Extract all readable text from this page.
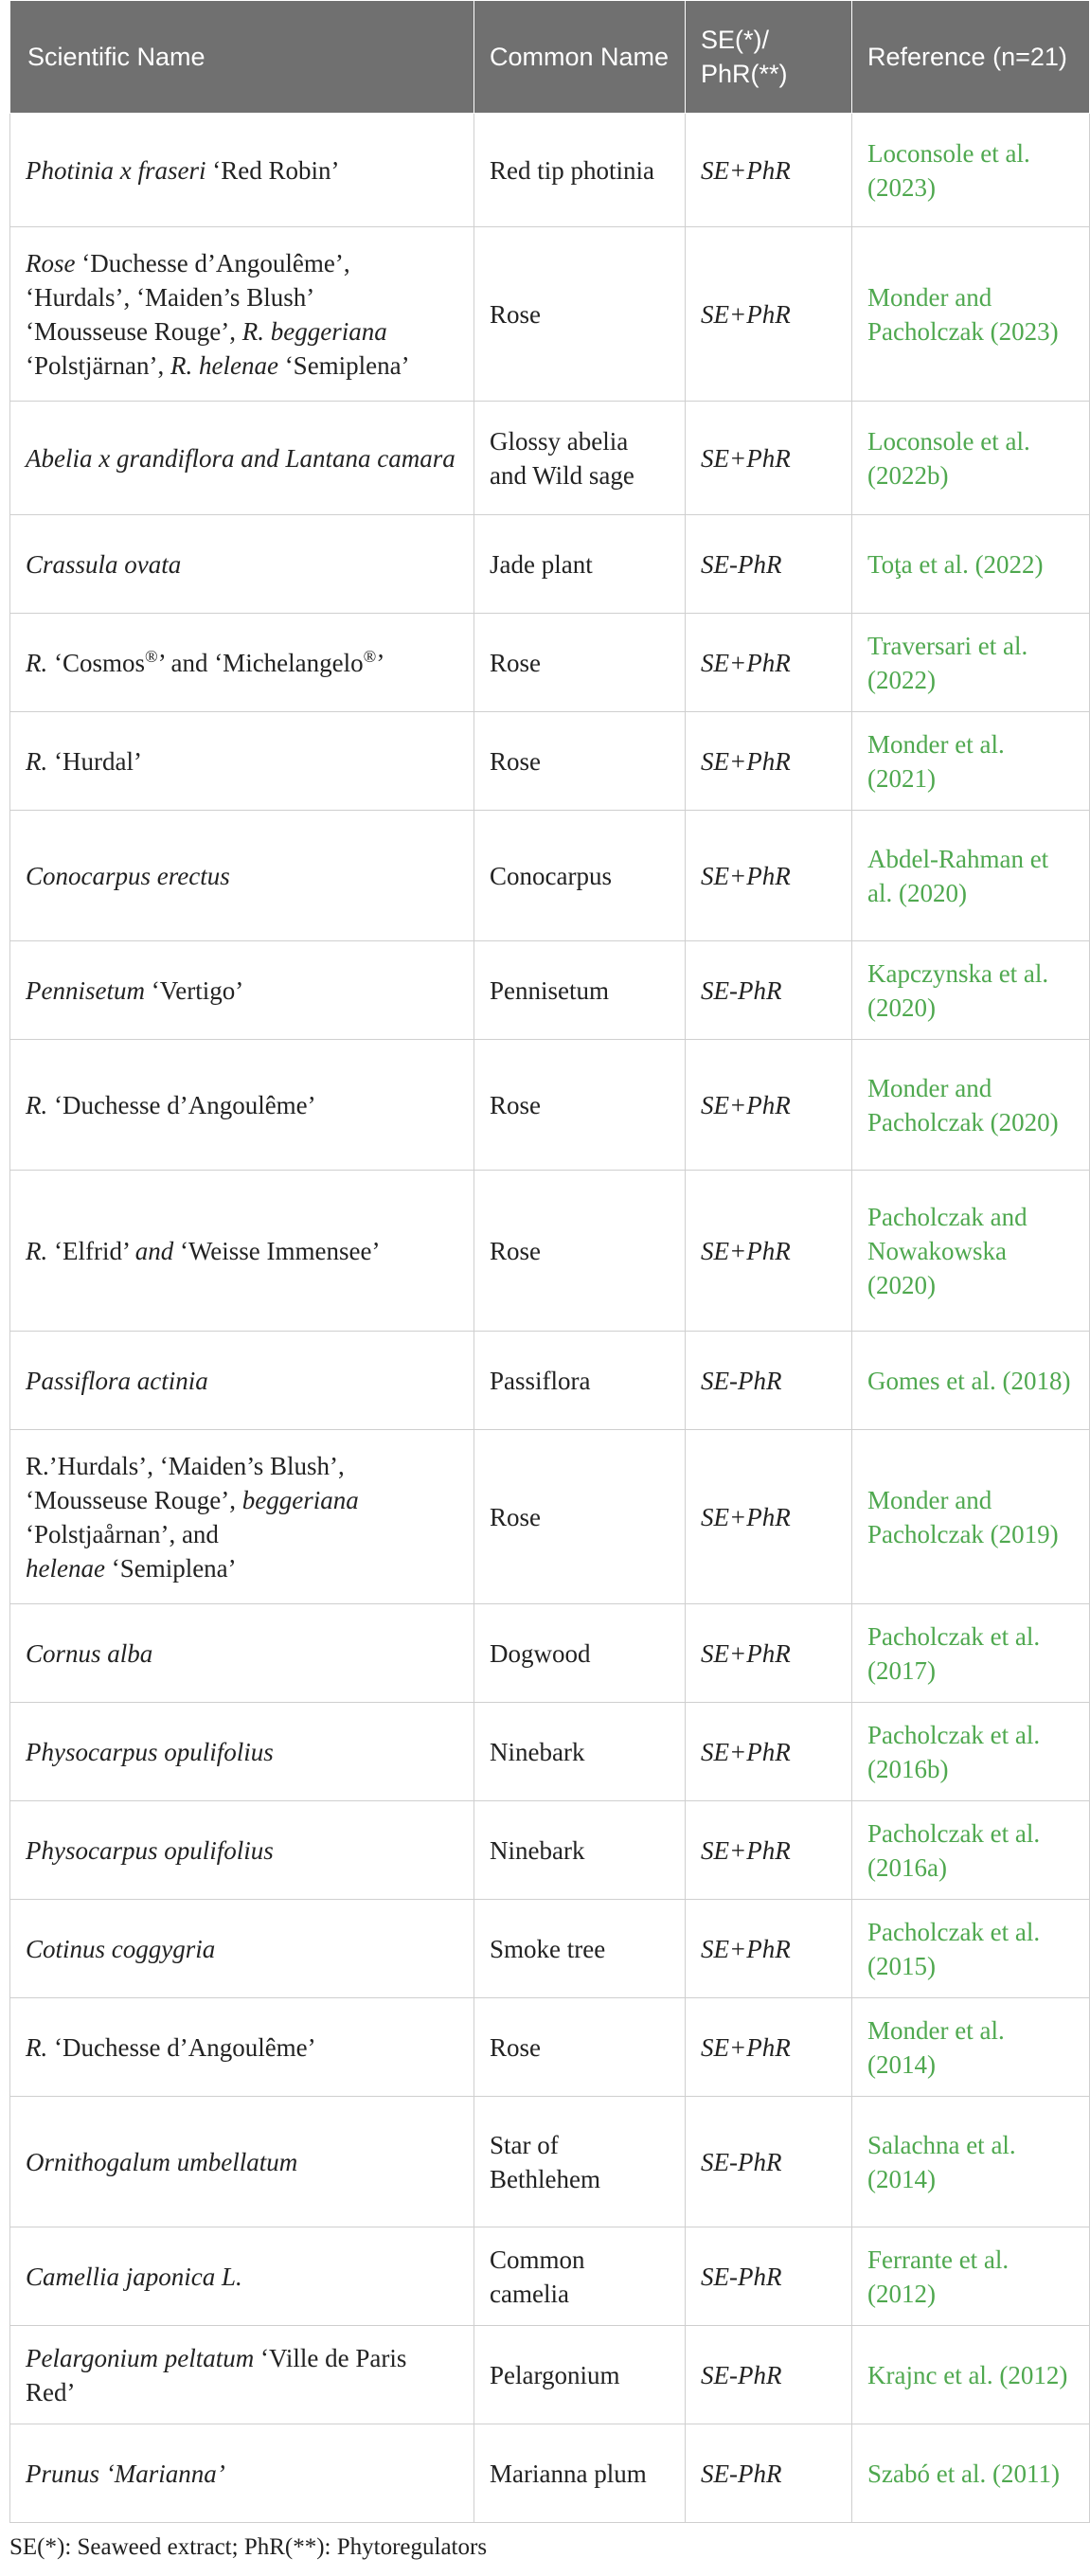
Scientific Name	Common Name	SE(*)/ PhR(**)	Reference (n=21)
Photinia x fraseri ‘Red Robin’	Red tip photinia	SE+PhR	Loconsole et al. (2023)
Rose ‘Duchesse d’Angoulême’,
‘Hurdals’, ‘Maiden’s Blush’
‘Mousseuse Rouge’, R. beggeriana
‘Polstjärnan’, R. helenae ‘Semiplena’	Rose	SE+PhR	Monder and Pacholczak (2023)
Abelia x grandiflora and Lantana camara	Glossy abelia and Wild sage	SE+PhR	Loconsole et al. (2022b)
Crassula ovata	Jade plant	SE-PhR	Toţa et al. (2022)
R. ‘Cosmos®’ and ‘Michelangelo®’	Rose	SE+PhR	Traversari et al. (2022)
R. ‘Hurdal’	Rose	SE+PhR	Monder et al. (2021)
Conocarpus erectus	Conocarpus	SE+PhR	Abdel-Rahman et al. (2020)
Pennisetum ‘Vertigo’	Pennisetum	SE-PhR	Kapczynska et al. (2020)
R. ‘Duchesse d’Angoulême’	Rose	SE+PhR	Monder and Pacholczak (2020)
R. ‘Elfrid’ and ‘Weisse Immensee’	Rose	SE+PhR	Pacholczak and Nowakowska (2020)
Passiflora actinia	Passiflora	SE-PhR	Gomes et al. (2018)
R.’Hurdals’, ‘Maiden’s Blush’,
‘Mousseuse Rouge’, beggeriana
‘Polstjaårnan’, and
helenae ‘Semiplena’	Rose	SE+PhR	Monder and Pacholczak (2019)
Cornus alba	Dogwood	SE+PhR	Pacholczak et al. (2017)
Physocarpus opulifolius	Ninebark	SE+PhR	Pacholczak et al. (2016b)
Physocarpus opulifolius	Ninebark	SE+PhR	Pacholczak et al. (2016a)
Cotinus coggygria	Smoke tree	SE+PhR	Pacholczak et al. (2015)
R. ‘Duchesse d’Angoulême’	Rose	SE+PhR	Monder et al. (2014)
Ornithogalum umbellatum	Star of Bethlehem	SE-PhR	Salachna et al. (2014)
Camellia japonica L.	Common camelia	SE-PhR	Ferrante et al. (2012)
Pelargonium peltatum ‘Ville de Paris Red’	Pelargonium	SE-PhR	Krajnc et al. (2012)
Prunus ‘Marianna’	Marianna plum	SE-PhR	Szabó et al. (2011)
SE(*): Seaweed extract; PhR(**): Phytoregulators
